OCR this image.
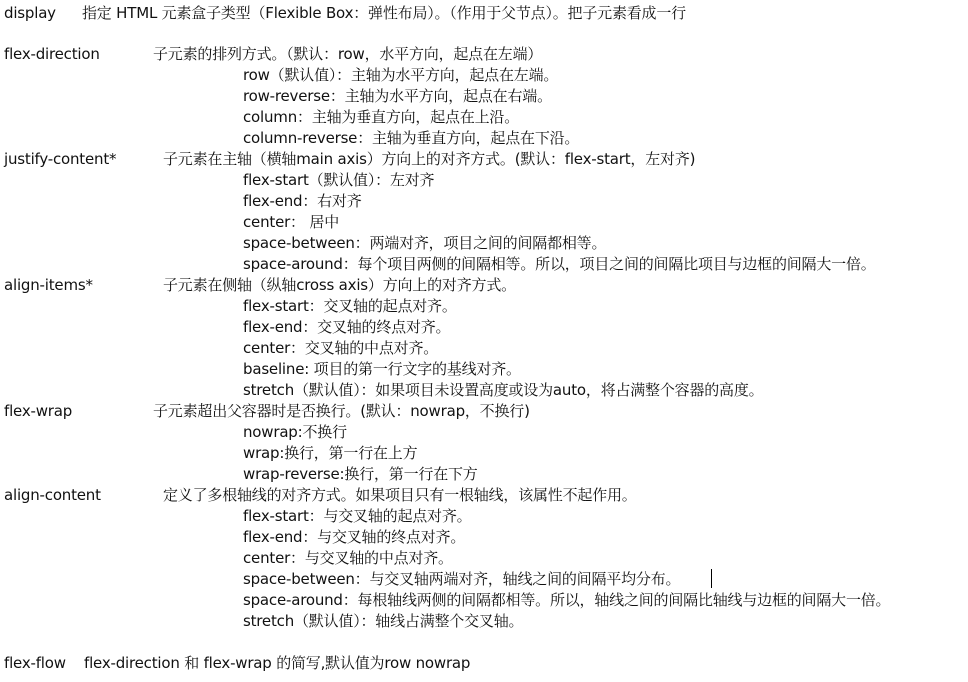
display 指定 HTML 元素盒子类型（Flexible Box：弹性布局）。（作用于父节点）。把子元素看成一行
flex-direction	子元素的排列方式。（默认：row，水平方向，起点在左端）
row（默认值）：主轴为水平方向，起点在左端。
row-reverse：主轴为水平方向，起点在右端。
column：主轴为垂直方向，起点在上沿。
column-reverse：主轴为垂直方向，起点在下沿。
justify-content*	子元素在主轴（横轴main axis）方向上的对齐方式。(默认：flex-start，左对齐)
flex-start（默认值）：左对齐
flex-end：右对齐
center： 居中
space-between：两端对齐，项目之间的间隔都相等。
space-around：每个项目两侧的间隔相等。所以，项目之间的间隔比项目与边框的间隔大一倍。
align-items*	子元素在侧轴（纵轴cross axis）方向上的对齐方式。
flex-start：交叉轴的起点对齐。
flex-end：交叉轴的终点对齐。
center：交叉轴的中点对齐。
baseline: 项目的第一行文字的基线对齐。
stretch（默认值）：如果项目未设置高度或设为auto，将占满整个容器的高度。
flex-wrap	子元素超出父容器时是否换行。(默认：nowrap，不换行)
nowrap:不换行
wrap:换行，第一行在上方
wrap-reverse:换行，第一行在下方
align-content	定义了多根轴线的对齐方式。如果项目只有一根轴线，该属性不起作用。
flex-start：与交叉轴的起点对齐。
flex-end：与交叉轴的终点对齐。
center：与交叉轴的中点对齐。
space-between：与交叉轴两端对齐，轴线之间的间隔平均分布。
space-around：每根轴线两侧的间隔都相等。所以，轴线之间的间隔比轴线与边框的间隔大一倍。
stretch（默认值）：轴线占满整个交叉轴。
flex-flow flex-direction 和 flex-wrap 的简写,默认值为row nowrap
